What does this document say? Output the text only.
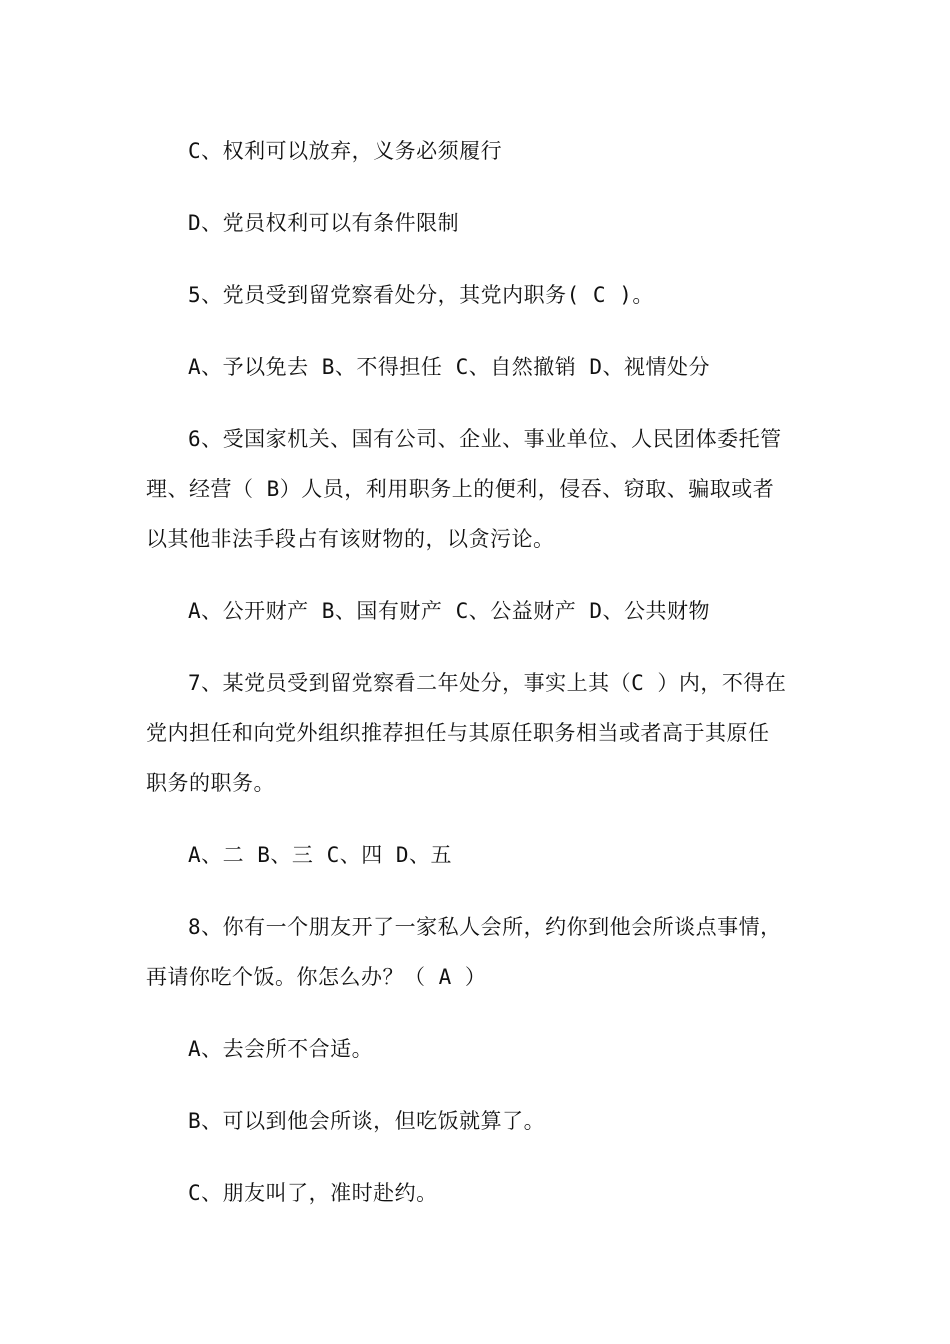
C、权利可以放弃，义务必须履行
D、党员权利可以有条件限制
5、党员受到留党察看处分，其党内职务( C )。
A、予以免去 B、不得担任 C、自然撤销 D、视情处分
6、受国家机关、国有公司、企业、事业单位、人民团体委托管
理、经营（ B）人员，利用职务上的便利，侵吞、窃取、骗取或者
以其他非法手段占有该财物的，以贪污论。
A、公开财产 B、国有财产 C、公益财产 D、公共财物
7、某党员受到留党察看二年处分，事实上其（C ）内，不得在
党内担任和向党外组织推荐担任与其原任职务相当或者高于其原任
职务的职务。
A、二 B、三 C、四 D、五
8、你有一个朋友开了一家私人会所，约你到他会所谈点事情，
再请你吃个饭。你怎么办？（ A ）
A、去会所不合适。
B、可以到他会所谈，但吃饭就算了。
C、朋友叫了，准时赴约。
